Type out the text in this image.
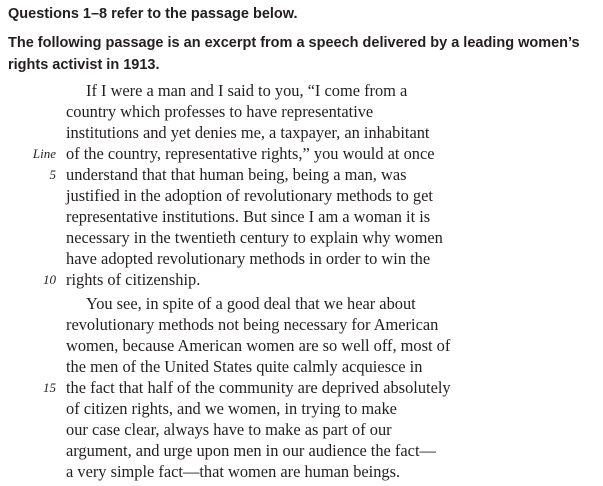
Questions 1–8 refer to the passage below.

The following passage is an excerpt from a speech delivered by a leading women’s rights activist in 1913.

If I were a man and I said to you, “I come from a
country which professes to have representative
institutions and yet denies me, a taxpayer, an inhabitant
Line of the country, representative rights,” you would at once
5 understand that that human being, being a man, was
justified in the adoption of revolutionary methods to get
representative institutions. But since I am a woman it is
necessary in the twentieth century to explain why women
have adopted revolutionary methods in order to win the
10 rights of citizenship.
You see, in spite of a good deal that we hear about
revolutionary methods not being necessary for American
women, because American women are so well off, most of
the men of the United States quite calmly acquiesce in
15 the fact that half of the community are deprived absolutely
of citizen rights, and we women, in trying to make
our case clear, always have to make as part of our
argument, and urge upon men in our audience the fact—
a very simple fact—that women are human beings.
